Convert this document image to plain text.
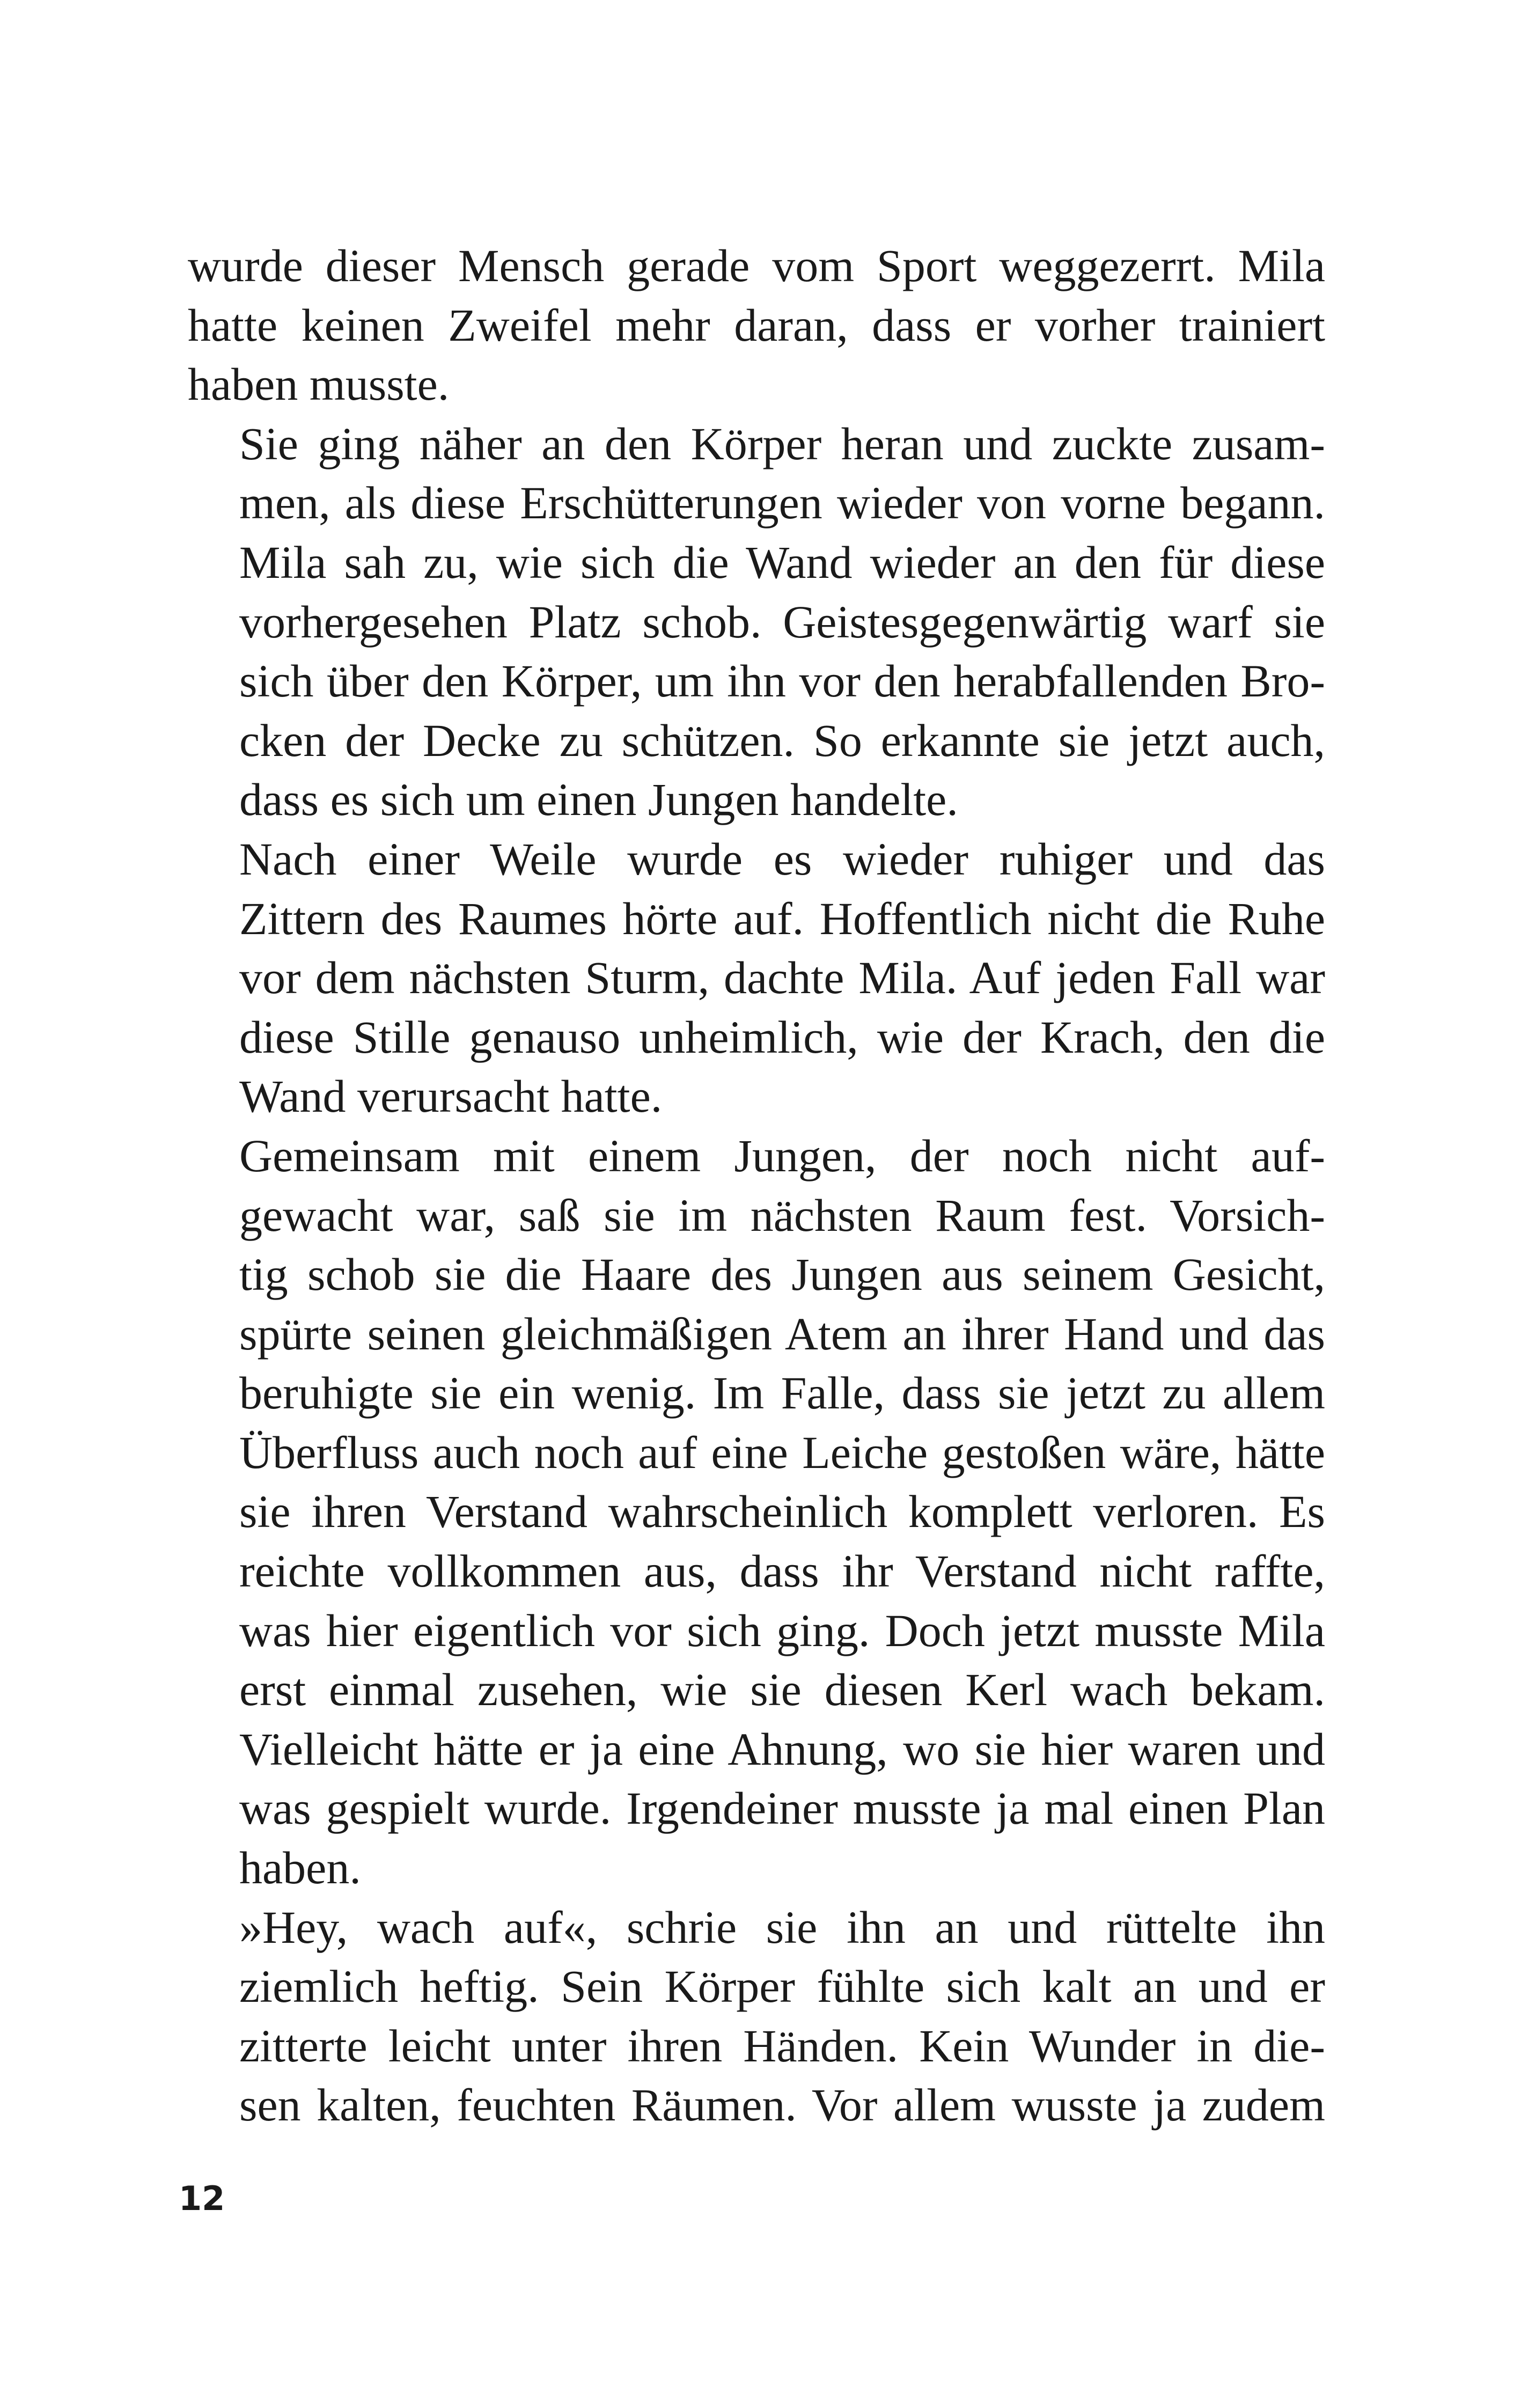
wurde dieser Mensch gerade vom Sport weggezerrt. Mila
hatte keinen Zweifel mehr daran, dass er vorher trainiert
haben musste.

Sie ging näher an den Körper heran und zuckte zusam-
men, als diese Erschütterungen wieder von vorne begann.
Mila sah zu, wie sich die Wand wieder an den für diese
vorhergesehen Platz schob. Geistesgegenwärtig warf sie
sich über den Körper, um ihn vor den herabfallenden Bro-
cken der Decke zu schützen. So erkannte sie jetzt auch,
dass es sich um einen Jungen handelte.

Nach einer Weile wurde es wieder ruhiger und das
Zittern des Raumes hörte auf. Hoffentlich nicht die Ruhe
vor dem nächsten Sturm, dachte Mila. Auf jeden Fall war
diese Stille genauso unheimlich, wie der Krach, den die
Wand verursacht hatte.

Gemeinsam mit einem Jungen, der noch nicht auf-
gewacht war, saß sie im nächsten Raum fest. Vorsich-
tig schob sie die Haare des Jungen aus seinem Gesicht,
spürte seinen gleichmäßigen Atem an ihrer Hand und das
beruhigte sie ein wenig. Im Falle, dass sie jetzt zu allem
Überfluss auch noch auf eine Leiche gestoßen wäre, hätte
sie ihren Verstand wahrscheinlich komplett verloren. Es
reichte vollkommen aus, dass ihr Verstand nicht raffte,
was hier eigentlich vor sich ging. Doch jetzt musste Mila
erst einmal zusehen, wie sie diesen Kerl wach bekam.
Vielleicht hätte er ja eine Ahnung, wo sie hier waren und
was gespielt wurde. Irgendeiner musste ja mal einen Plan
haben.

»Hey, wach auf«, schrie sie ihn an und rüttelte ihn
ziemlich heftig. Sein Körper fühlte sich kalt an und er
zitterte leicht unter ihren Händen. Kein Wunder in die-
sen kalten, feuchten Räumen. Vor allem wusste ja zudem

12
